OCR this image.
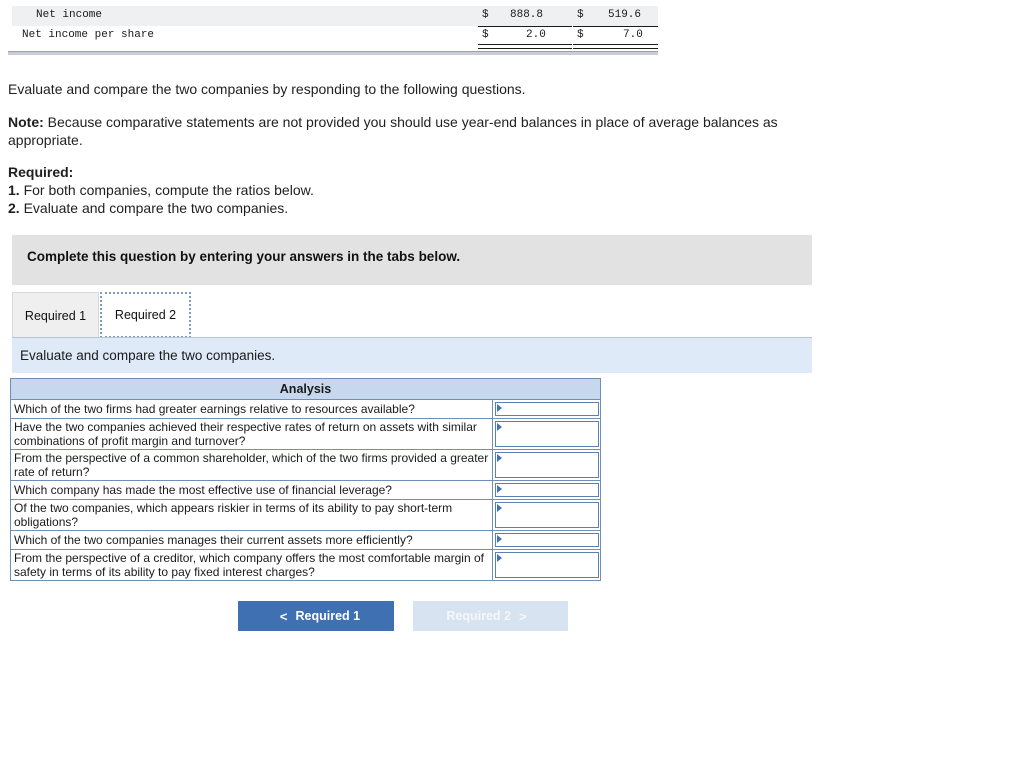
Net income	$ 888.8	$ 519.6
Net income per share	$	2.0	$	7.0
Evaluate and compare the two companies by responding to the following questions.
Note: Because comparative statements are not provided you should use year-end balances in place of average balances as
appropriate.
Required:
1. For both companies, compute the ratios below.
2. Evaluate and compare the two companies.
Complete this question by entering your answers in the tabs below.
Required 1	Required 2
Evaluate and compare the two companies.
Analysis	
Which of the two firms had greater earnings relative to resources available?	

Have the two companies achieved their respective rates of return on assets with similar combinations of profit margin and turnover?	

From the perspective of a common shareholder, which of the two firms provided a greater rate of return?	

Which company has made the most effective use of financial leverage?	

Of the two companies, which appears riskier in terms of its ability to pay short-term obligations?	

Which of the two companies manages their current assets more efficiently?	

From the perspective of a creditor, which company offers the most comfortable margin of safety in terms of its ability to pay fixed interest charges?	
< Required 1	Required 2 >
